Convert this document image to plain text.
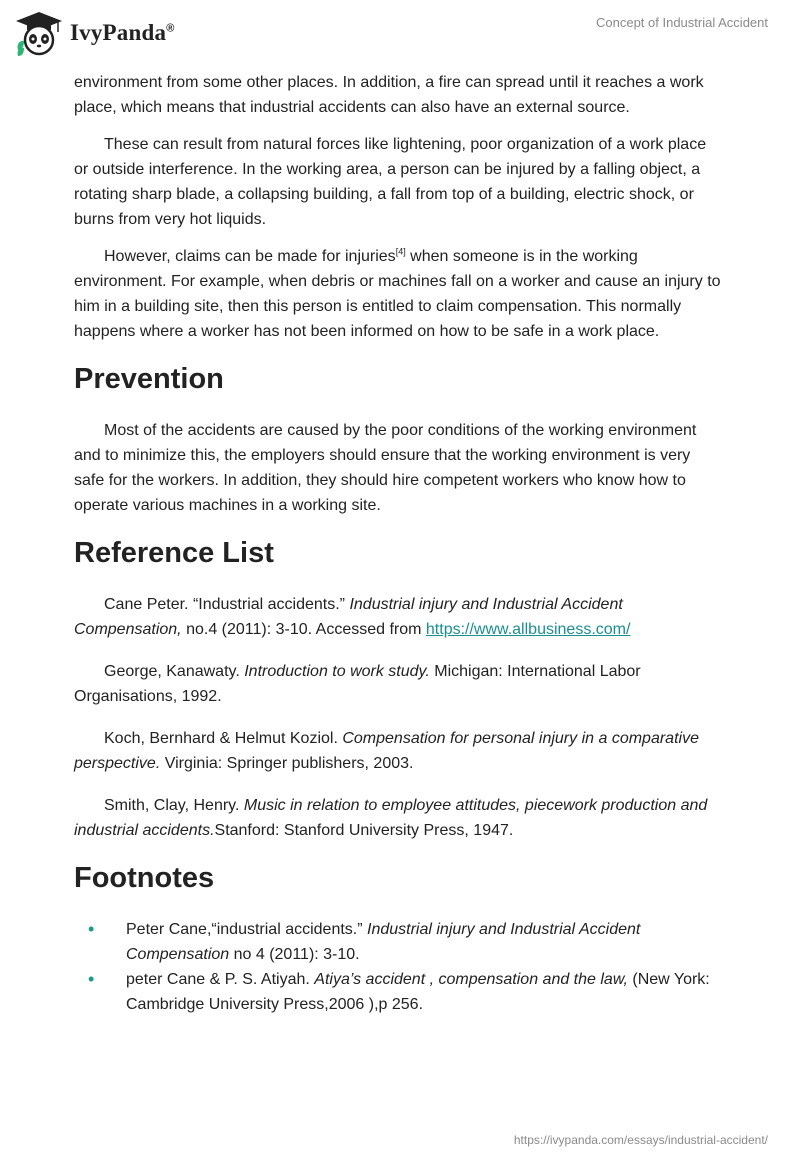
IvyPanda®	Concept of Industrial Accident

environment from some other places. In addition, a fire can spread until it reaches a work place, which means that industrial accidents can also have an external source.

These can result from natural forces like lightening, poor organization of a work place or outside interference. In the working area, a person can be injured by a falling object, a rotating sharp blade, a collapsing building, a fall from top of a building, electric shock, or burns from very hot liquids.

However, claims can be made for injuries[4] when someone is in the working environment. For example, when debris or machines fall on a worker and cause an injury to him in a building site, then this person is entitled to claim compensation. This normally happens where a worker has not been informed on how to be safe in a work place.

Prevention

Most of the accidents are caused by the poor conditions of the working environment and to minimize this, the employers should ensure that the working environment is very safe for the workers. In addition, they should hire competent workers who know how to operate various machines in a working site.

Reference List

Cane Peter. “Industrial accidents.” Industrial injury and Industrial Accident Compensation, no.4 (2011): 3-10. Accessed from https://www.allbusiness.com/

George, Kanawaty. Introduction to work study. Michigan: International Labor Organisations, 1992.

Koch, Bernhard & Helmut Koziol. Compensation for personal injury in a comparative perspective. Virginia: Springer publishers, 2003.

Smith, Clay, Henry. Music in relation to employee attitudes, piecework production and industrial accidents.Stanford: Stanford University Press, 1947.

Footnotes
• Peter Cane,“industrial accidents.” Industrial injury and Industrial Accident Compensation no 4 (2011): 3-10.
• peter Cane & P. S. Atiyah. Atiya’s accident , compensation and the law, (New York: Cambridge University Press,2006 ),p 256.
https://ivypanda.com/essays/industrial-accident/
